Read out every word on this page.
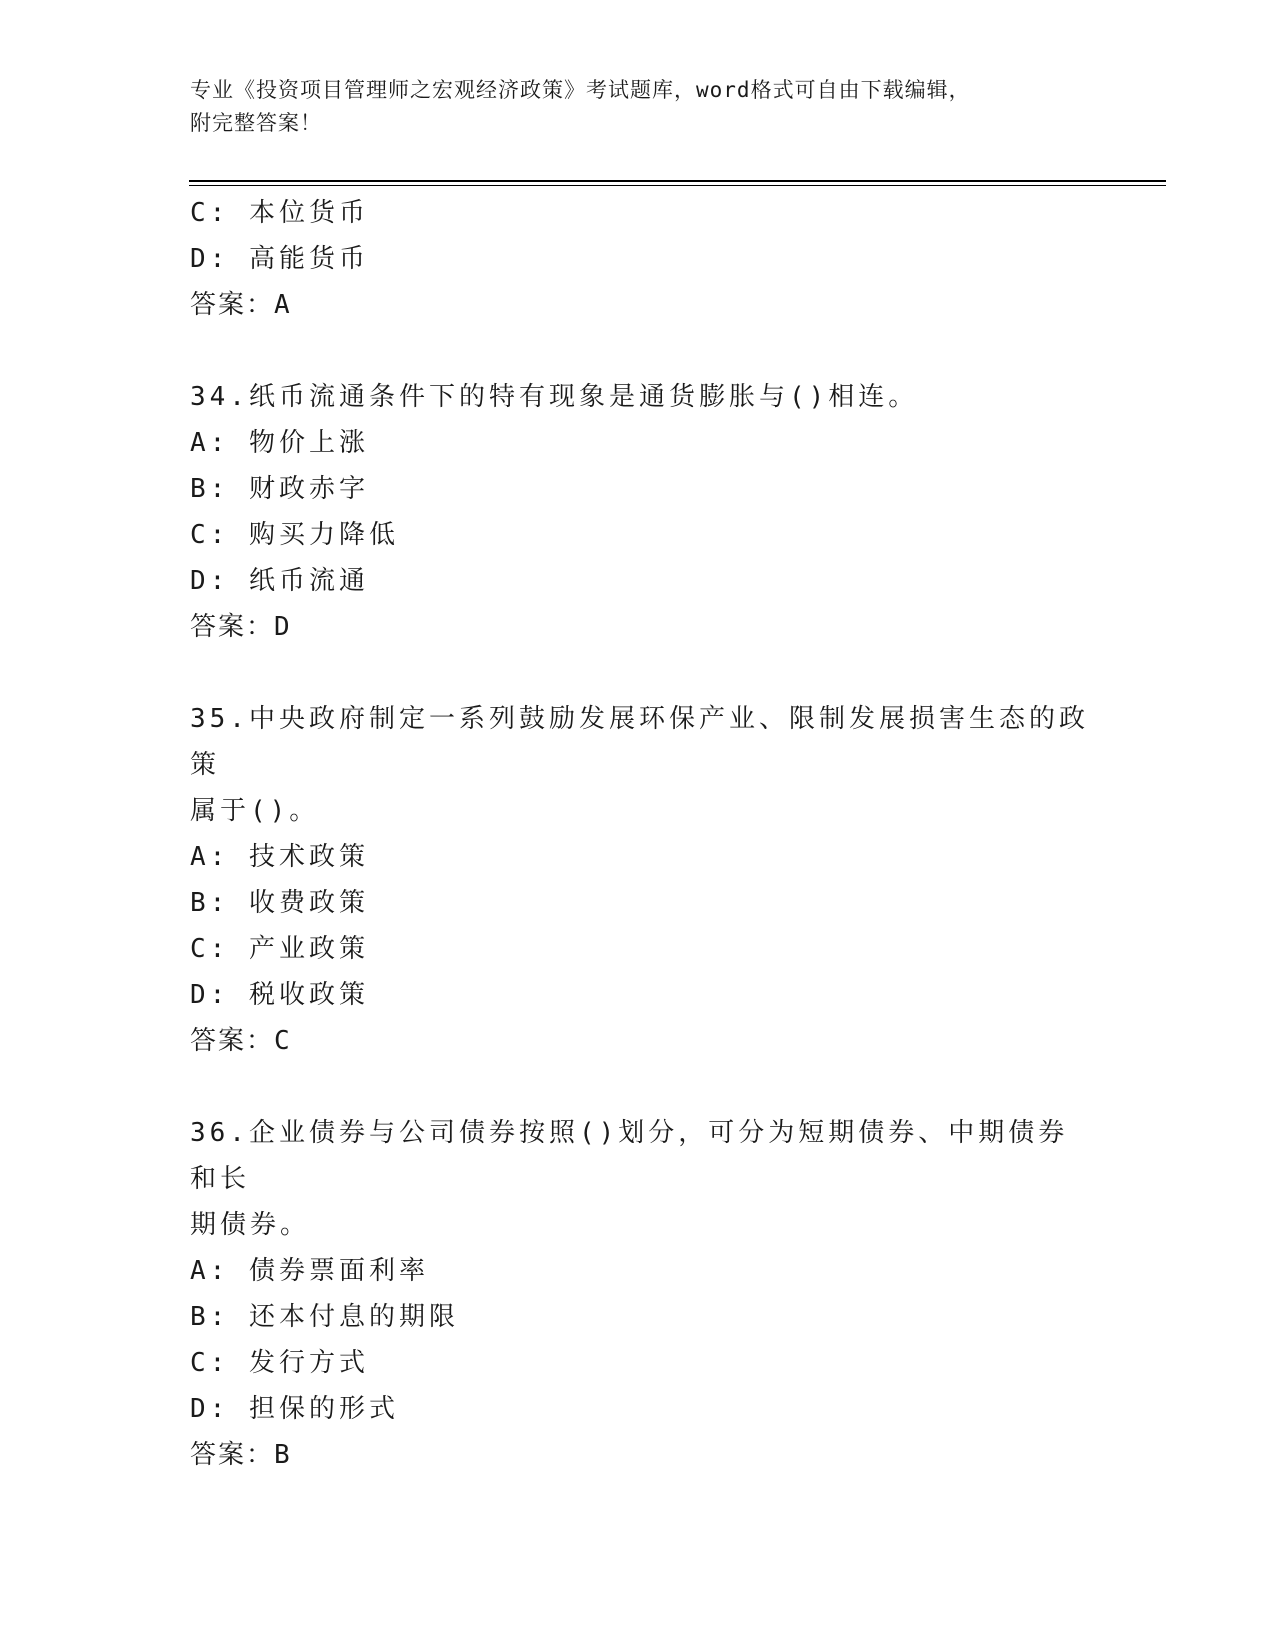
专业《投资项目管理师之宏观经济政策》考试题库，word格式可自由下载编辑，
附完整答案！
C: 本位货币
D: 高能货币
答案：A
34.纸币流通条件下的特有现象是通货膨胀与()相连。
A: 物价上涨
B: 财政赤字
C: 购买力降低
D: 纸币流通
答案：D
35.中央政府制定一系列鼓励发展环保产业、限制发展损害生态的政策
属于()。
A: 技术政策
B: 收费政策
C: 产业政策
D: 税收政策
答案：C
36.企业债券与公司债券按照()划分，可分为短期债券、中期债券和长
期债券。
A: 债券票面利率
B: 还本付息的期限
C: 发行方式
D: 担保的形式
答案：B
